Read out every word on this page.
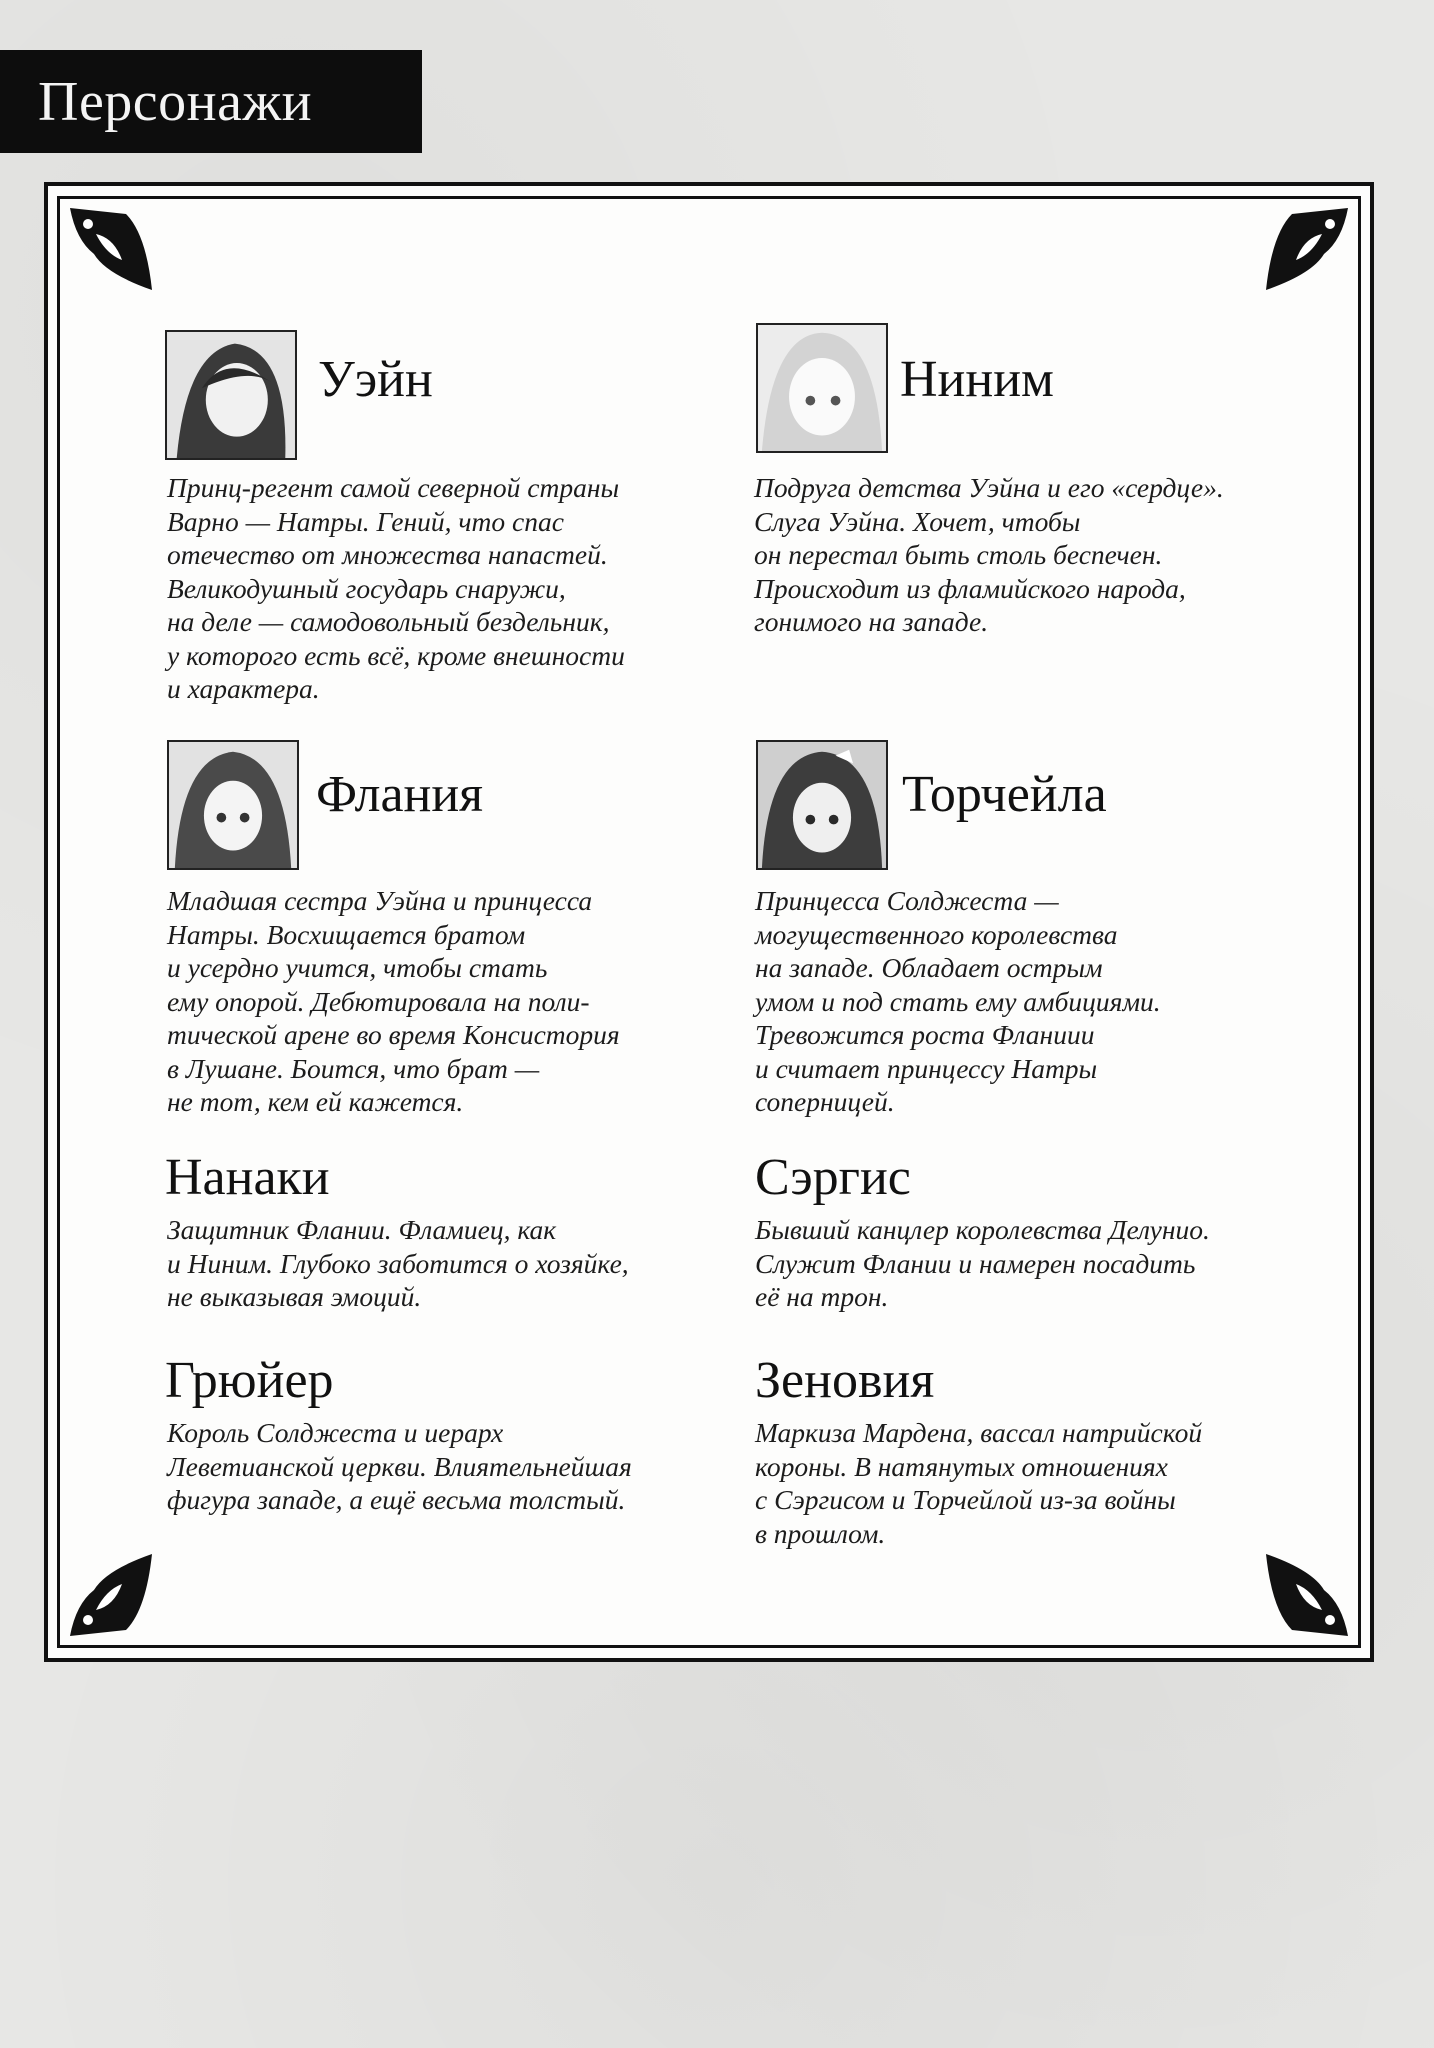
Персонажи
Уэйн
Принц-регент самой северной страны
Варно — Натры. Гений, что спас
отечество от множества напастей.
Великодушный государь снаружи,
на деле — самодовольный бездельник,
у которого есть всё, кроме внешности
и характера.
Ниним
Подруга детства Уэйна и его «сердце».
Слуга Уэйна. Хочет, чтобы
он перестал быть столь беспечен.
Происходит из фламийского народа,
гонимого на западе.
Флания
Младшая сестра Уэйна и принцесса
Натры. Восхищается братом
и усердно учится, чтобы стать
ему опорой. Дебютировала на поли-
тической арене во время Консистория
в Лушане. Боится, что брат —
не тот, кем ей кажется.
Торчейла
Принцесса Солджеста —
могущественного королевства
на западе. Обладает острым
умом и под стать ему амбициями.
Тревожится роста Фланиии
и считает принцессу Натры
соперницей.
Нанаки
Защитник Флании. Фламиец, как
и Ниним. Глубоко заботится о хозяйке,
не выказывая эмоций.
Сэргис
Бывший канцлер королевства Делунио.
Служит Флании и намерен посадить
её на трон.
Грюйер
Король Солджеста и иерарх
Леветианской церкви. Влиятельнейшая
фигура западе, а ещё весьма толстый.
Зеновия
Маркиза Мардена, вассал натрийской
короны. В натянутых отношениях
с Сэргисом и Торчейлой из-за войны
в прошлом.
